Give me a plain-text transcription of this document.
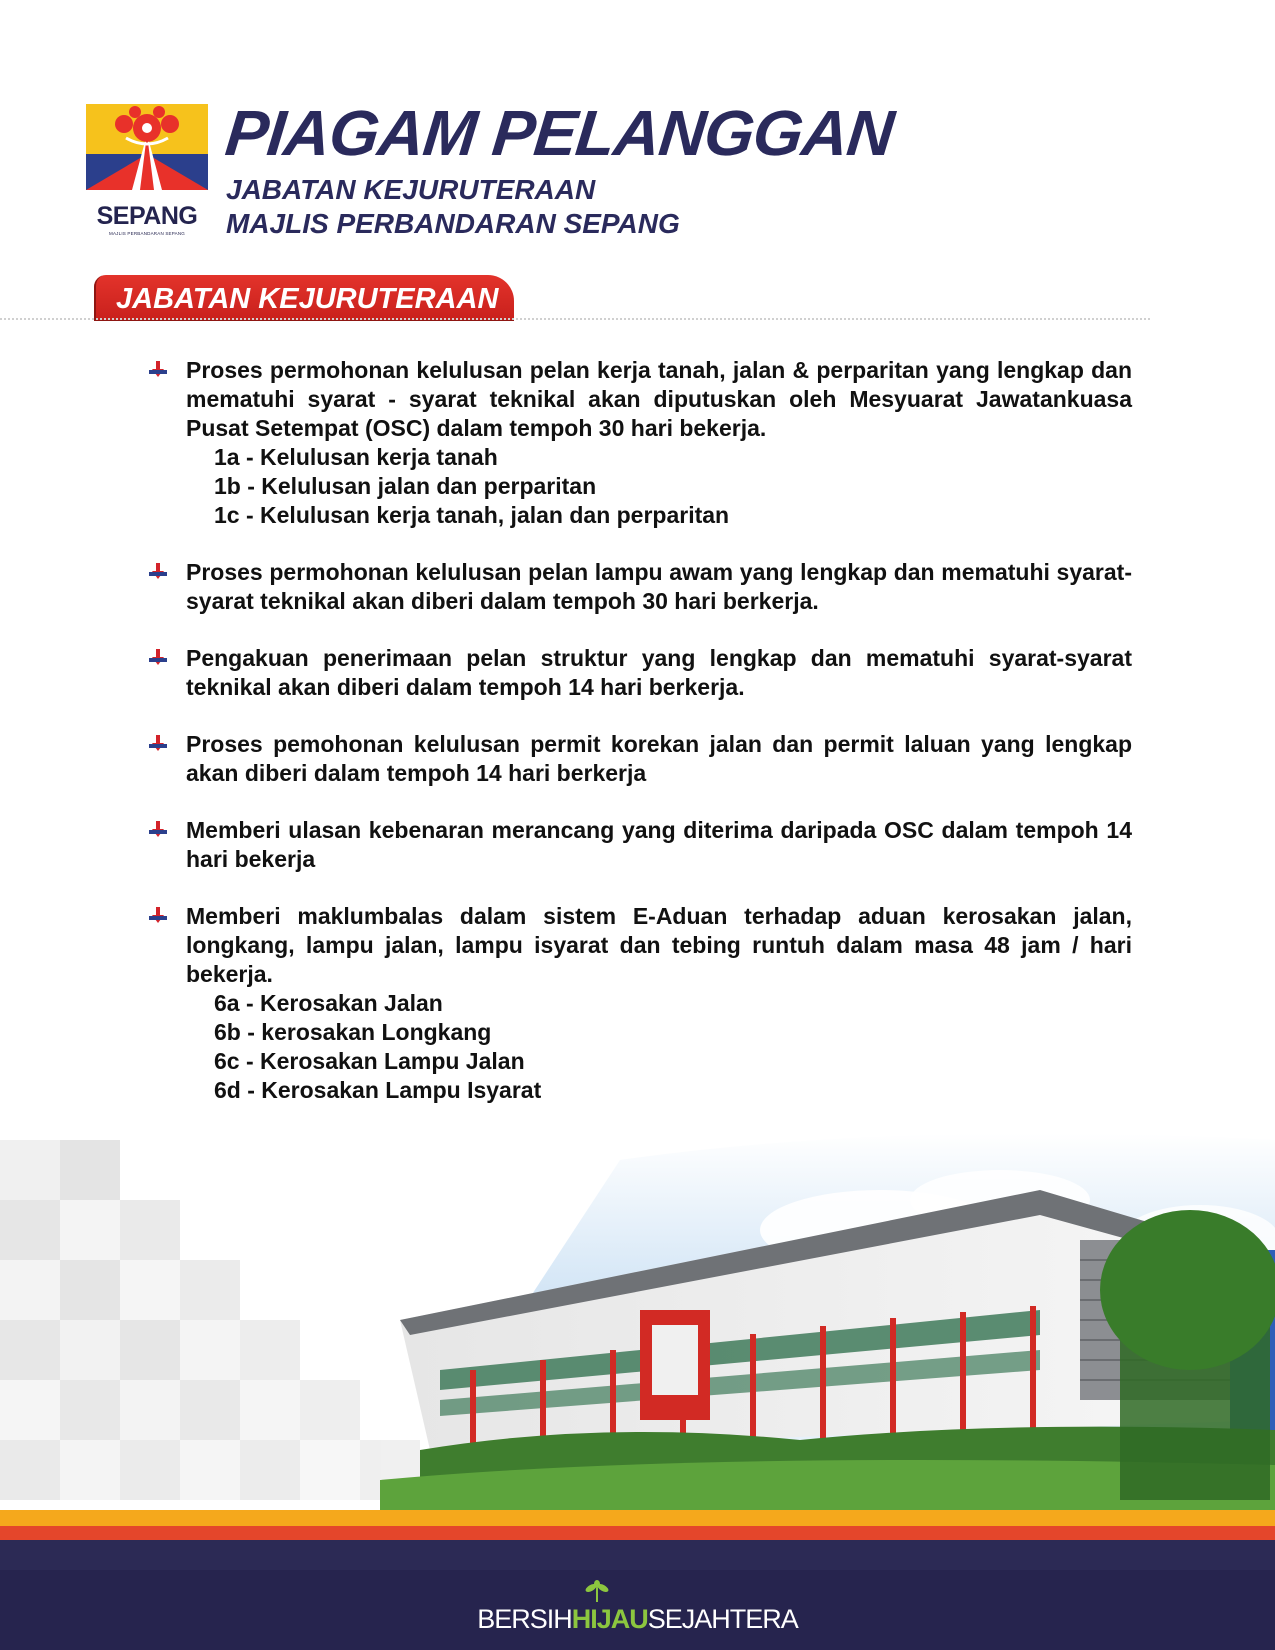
SEPANG
MAJLIS PERBANDARAN SEPANG
PIAGAM PELANGGAN
JABATAN KEJURUTERAAN
MAJLIS PERBANDARAN SEPANG
JABATAN KEJURUTERAAN
Proses permohonan kelulusan pelan kerja tanah, jalan & perparitan yang lengkap dan mematuhi syarat - syarat teknikal akan diputuskan oleh Mesyuarat Jawatankuasa Pusat Setempat (OSC) dalam tempoh 30 hari bekerja.
1a - Kelulusan kerja tanah
1b - Kelulusan jalan dan perparitan
1c - Kelulusan kerja tanah, jalan dan perparitan
Proses permohonan kelulusan pelan lampu awam yang lengkap dan mematuhi syarat-syarat teknikal akan diberi dalam tempoh 30 hari berkerja.
Pengakuan penerimaan pelan struktur yang lengkap dan mematuhi syarat-syarat teknikal akan diberi dalam tempoh 14 hari berkerja.
Proses pemohonan kelulusan permit korekan jalan dan permit laluan yang lengkap akan diberi dalam tempoh 14 hari berkerja
Memberi ulasan kebenaran merancang yang diterima daripada OSC dalam tempoh 14 hari bekerja
Memberi maklumbalas dalam sistem E-Aduan terhadap aduan kerosakan jalan, longkang, lampu jalan, lampu isyarat dan tebing runtuh dalam masa 48 jam / hari bekerja.
6a - Kerosakan Jalan
6b - kerosakan Longkang
6c - Kerosakan Lampu Jalan
6d - Kerosakan Lampu Isyarat
BERSIHHIJAUSEJAHTERA
